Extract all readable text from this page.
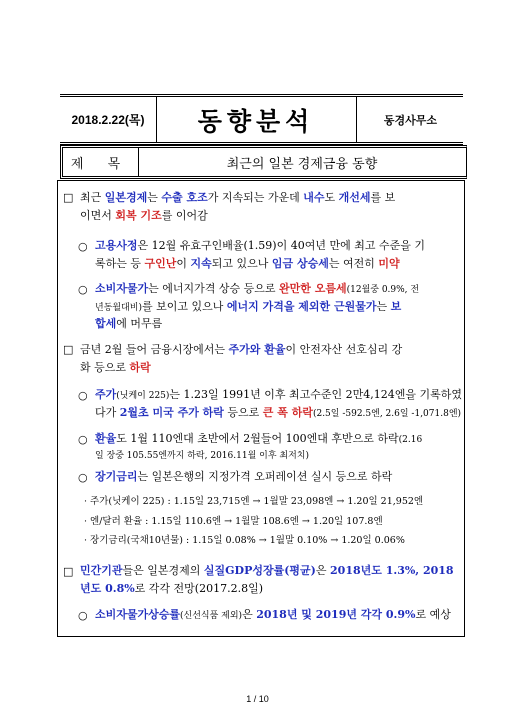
2018.2.22(목)	동향분석	동경사무소
제 목	최근의 일본 경제금융 동향
□ 최근 일본경제는 수출 호조가 지속되는 가운데 내수도 개선세를 보
이면서 회복 기조를 이어감
○ 고용사정은 12월 유효구인배율(1.59)이 40여년 만에 최고 수준을 기
록하는 등 구인난이 지속되고 있으나 임금 상승세는 여전히 미약
○ 소비자물가는 에너지가격 상승 등으로 완만한 오름세(12월중 0.9%, 전
년동월대비)를 보이고 있으나 에너지 가격을 제외한 근원물가는 보
합세에 머무름
□ 금년 2월 들어 금융시장에서는 주가와 환율이 안전자산 선호심리 강
화 등으로 하락
○ 주가(닛케이 225)는 1.23일 1991년 이후 최고수준인 2만4,124엔을 기록하였
다가 2월초 미국 주가 하락 등으로 큰 폭 하락(2.5일 -592.5엔, 2.6일 -1,071.8엔)
○ 환율도 1월 110엔대 초반에서 2월들어 100엔대 후반으로 하락(2.16
일 장중 105.55엔까지 하락, 2016.11월 이후 최저치)
○ 장기금리는 일본은행의 지정가격 오퍼레이션 실시 등으로 하락
· 주가(닛케이 225) : 1.15일 23,715엔 → 1월말 23,098엔 → 1.20일 21,952엔
· 엔/달러 환율 : 1.15일 110.6엔 → 1월말 108.6엔 → 1.20일 107.8엔
· 장기금리(국채10년물) : 1.15일 0.08% → 1월말 0.10% → 1.20일 0.06%
□ 민간기관들은 일본경제의 실질GDP성장률(평균)은 2018년도 1.3%, 2018
년도 0.8%로 각각 전망(2017.2.8일)
○ 소비자물가상승률(신선식품 제외)은 2018년 및 2019년 각각 0.9%로 예상
1 / 10
